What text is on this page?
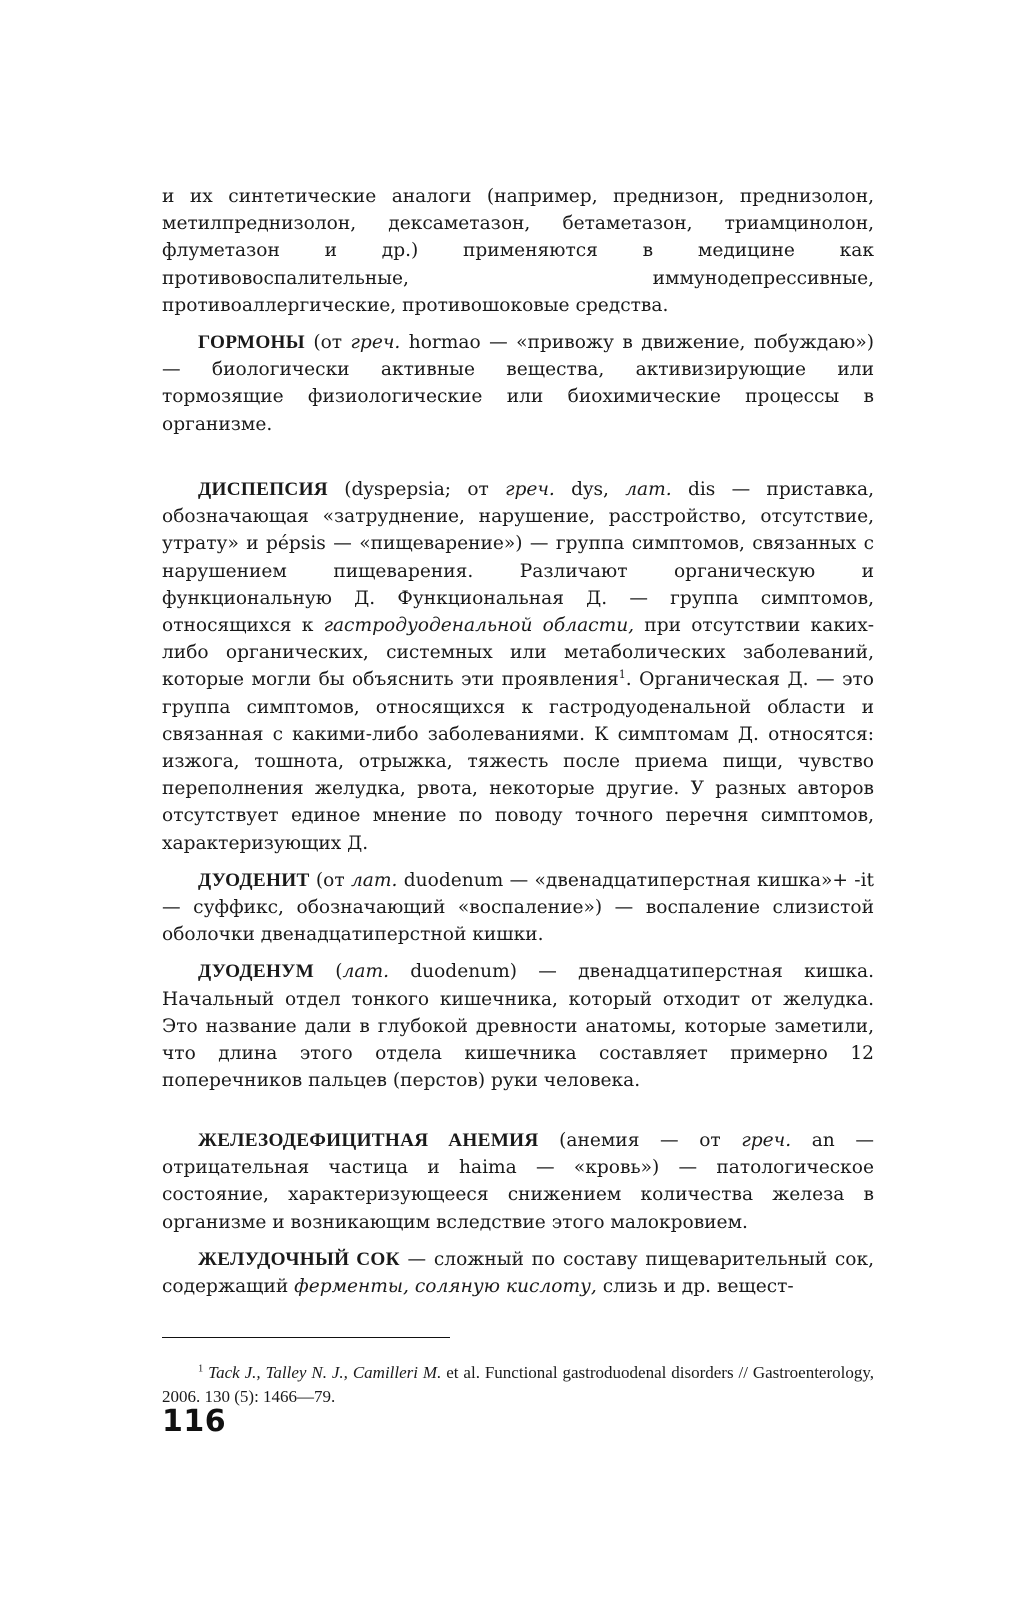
и их синтетические аналоги (например, преднизон, преднизолон, метилпреднизолон, дексаметазон, бетаметазон, триамцинолон, флуметазон и др.) применяются в медицине как противовоспалительные, иммунодепрессивные, противоаллергические, противошоковые средства.

ГОРМОНЫ (от греч. hormao — «привожу в движение, побуждаю») — биологически активные вещества, активизирующие или тормозящие физиологические или биохимические процессы в организме.

ДИСПЕПСИЯ (dyspepsia; от греч. dys, лат. dis — приставка, обозначающая «затруднение, нарушение, расстройство, отсутствие, утрату» и pépsis — «пищеварение») — группа симптомов, связанных с нарушением пищеварения. Различают органическую и функциональную Д. Функциональная Д. — группа симптомов, относящихся к гастродуоденальной области, при отсутствии каких-либо органических, системных или метаболических заболеваний, которые могли бы объяснить эти проявления$^1$. Органическая Д. — это группа симптомов, относящихся к гастродуоденальной области и связанная с какими-либо заболеваниями. К симптомам Д. относятся: изжога, тошнота, отрыжка, тяжесть после приема пищи, чувство переполнения желудка, рвота, некоторые другие. У разных авторов отсутствует единое мнение по поводу точного перечня симптомов, характеризующих Д.

ДУОДЕНИТ (от лат. duodenum — «двенадцатиперстная кишка»+ -it — суффикс, обозначающий «воспаление») — воспаление слизистой оболочки двенадцатиперстной кишки.

ДУОДЕНУМ (лат. duodenum) — двенадцатиперстная кишка. Начальный отдел тонкого кишечника, который отходит от желудка. Это название дали в глубокой древности анатомы, которые заметили, что длина этого отдела кишечника составляет примерно 12 поперечников пальцев (перстов) руки человека.

ЖЕЛЕЗОДЕФИЦИТНАЯ АНЕМИЯ (анемия — от греч. an — отрицательная частица и haima — «кровь») — патологическое состояние, характеризующееся снижением количества железа в организме и возникающим вследствие этого малокровием.

ЖЕЛУДОЧНЫЙ СОК — сложный по составу пищеварительный сок, содержащий ферменты, соляную кислоту, слизь и др. вещест-

$^1$ Tack J., Talley N. J., Camilleri M. et al. Functional gastroduodenal disorders // Gastroenterology, 2006. 130 (5): 1466—79.

116
